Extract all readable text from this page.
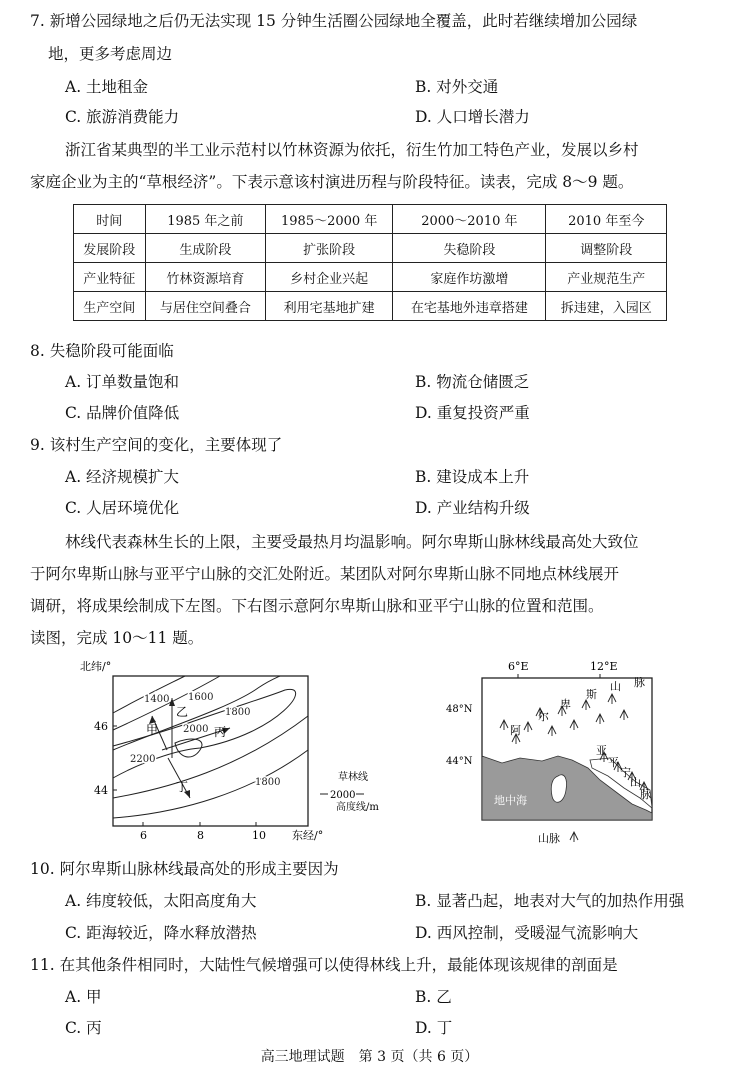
7. 新增公园绿地之后仍无法实现 15 分钟生活圈公园绿地全覆盖，此时若继续增加公园绿
地，更多考虑周边
A. 土地租金	B. 对外交通
C. 旅游消费能力	D. 人口增长潜力
浙江省某典型的半工业示范村以竹林资源为依托，衍生竹加工特色产业，发展以乡村
家庭企业为主的“草根经济”。下表示意该村演进历程与阶段特征。读表，完成 8～9 题。
时间	1985 年之前	1985～2000 年	2000～2010 年	2010 年至今
发展阶段	生成阶段	扩张阶段	失稳阶段	调整阶段
产业特征	竹林资源培育	乡村企业兴起	家庭作坊激增	产业规范生产
生产空间	与居住空间叠合	利用宅基地扩建	在宅基地外违章搭建	拆违建，入园区
8. 失稳阶段可能面临
A. 订单数量饱和	B. 物流仓储匮乏
C. 品牌价值降低	D. 重复投资严重
9. 该村生产空间的变化，主要体现了
A. 经济规模扩大	B. 建设成本上升
C. 人居环境优化	D. 产业结构升级
林线代表森林生长的上限，主要受最热月均温影响。阿尔卑斯山脉林线最高处大致位
于阿尔卑斯山脉与亚平宁山脉的交汇处附近。某团队对阿尔卑斯山脉不同地点林线展开
调研，将成果绘制成下左图。下右图示意阿尔卑斯山脉和亚平宁山脉的位置和范围。
读图，完成 10～11 题。
北纬/°
1400 1600
1800
2000
2200
1800
甲
乙
丙
丁
46
44
6	8	10 东经/°
2000
草林线
高度线/m
6°E	12°E
48°N
44°N
阿
尔
卑
斯
山 脉
亚
平
宁
山
脉
地中海
山脉
10. 阿尔卑斯山脉林线最高处的形成主要因为
A. 纬度较低，太阳高度角大	B. 显著凸起，地表对大气的加热作用强
C. 距海较近，降水释放潜热	D. 西风控制，受暖湿气流影响大
11. 在其他条件相同时，大陆性气候增强可以使得林线上升，最能体现该规律的剖面是
A. 甲	B. 乙
C. 丙	D. 丁
高三地理试题　第 3 页（共 6 页）
